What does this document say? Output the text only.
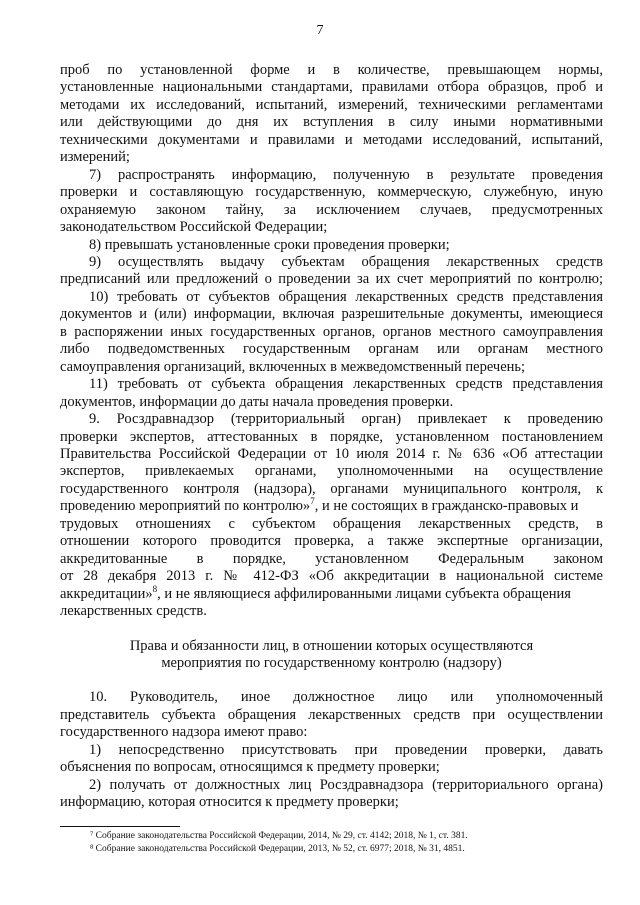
7
проб по установленной форме и в количестве, превышающем нормы,
установленные национальными стандартами, правилами отбора образцов, проб и
методами их исследований, испытаний, измерений, техническими регламентами
или действующими до дня их вступления в силу иными нормативными
техническими документами и правилами и методами исследований, испытаний,
измерений;
7) распространять информацию, полученную в результате проведения
проверки и составляющую государственную, коммерческую, служебную, иную
охраняемую законом тайну, за исключением случаев, предусмотренных
законодательством Российской Федерации;
8) превышать установленные сроки проведения проверки;
9) осуществлять выдачу субъектам обращения лекарственных средств
предписаний или предложений о проведении за их счет мероприятий по контролю;
10) требовать от субъектов обращения лекарственных средств представления
документов и (или) информации, включая разрешительные документы, имеющиеся
в распоряжении иных государственных органов, органов местного самоуправления
либо подведомственных государственным органам или органам местного
самоуправления организаций, включенных в межведомственный перечень;
11) требовать от субъекта обращения лекарственных средств представления
документов, информации до даты начала проведения проверки.
9. Росздравнадзор (территориальный орган) привлекает к проведению
проверки экспертов, аттестованных в порядке, установленном постановлением
Правительства Российской Федерации от 10 июля 2014 г. № 636 «Об аттестации
экспертов, привлекаемых органами, уполномоченными на осуществление
государственного контроля (надзора), органами муниципального контроля, к
проведению мероприятий по контролю»$^7$, и не состоящих в гражданско-правовых и
трудовых отношениях с субъектом обращения лекарственных средств, в
отношении которого проводится проверка, а также экспертные организации,
аккредитованные в порядке, установленном Федеральным законом
от 28 декабря 2013 г. № 412-ФЗ «Об аккредитации в национальной системе
аккредитации»$^8$, и не являющиеся аффилированными лицами субъекта обращения
лекарственных средств.
Права и обязанности лиц, в отношении которых осуществляются
мероприятия по государственному контролю (надзору)
10. Руководитель, иное должностное лицо или уполномоченный
представитель субъекта обращения лекарственных средств при осуществлении
государственного надзора имеют право:
1) непосредственно присутствовать при проведении проверки, давать
объяснения по вопросам, относящимся к предмету проверки;
2) получать от должностных лиц Росздравнадзора (территориального органа)
информацию, которая относится к предмету проверки;
⁷ Собрание законодательства Российской Федерации, 2014, № 29, ст. 4142; 2018, № 1, ст. 381.
⁸ Собрание законодательства Российской Федерации, 2013, № 52, ст. 6977; 2018, № 31, 4851.
